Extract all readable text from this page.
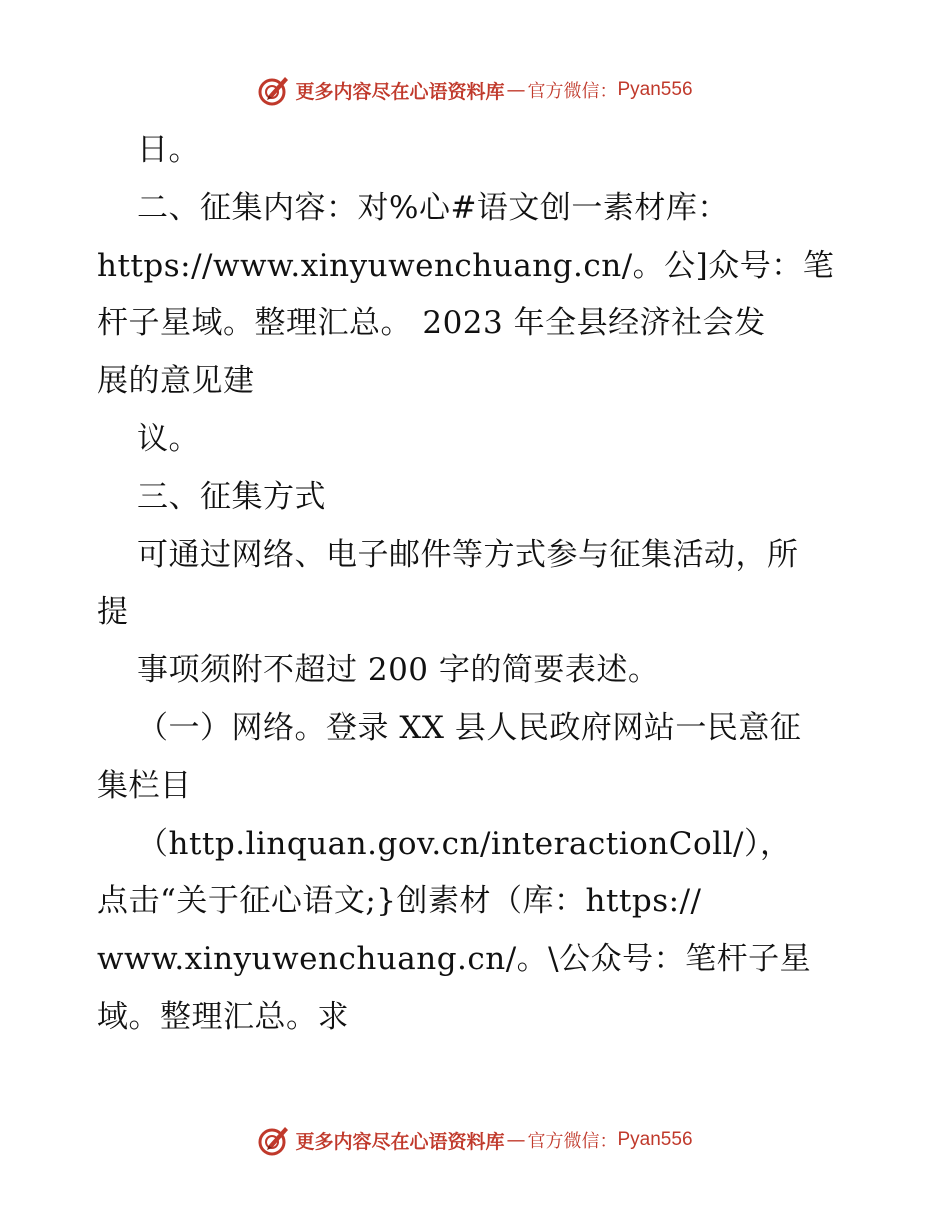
更多内容尽在心语资料库 — 官方微信： Pyan556
日。
二、征集内容：对%心#语文创一素材库：
https://www.xinyuwenchuang.cn/。公]众号：笔
杆子星域。整理汇总。 2023 年全县经济社会发
展的意见建
议。
三、征集方式
可通过网络、电子邮件等方式参与征集活动，所
提
事项须附不超过 200 字的简要表述。
（一）网络。登录 XX 县人民政府网站一民意征
集栏目
（http.linquan.gov.cn/interactionColl/），
点击“关于征心语文;}创素材（库：https://
www.xinyuwenchuang.cn/。\公众号：笔杆子星
域。整理汇总。求
更多内容尽在心语资料库 — 官方微信： Pyan556
